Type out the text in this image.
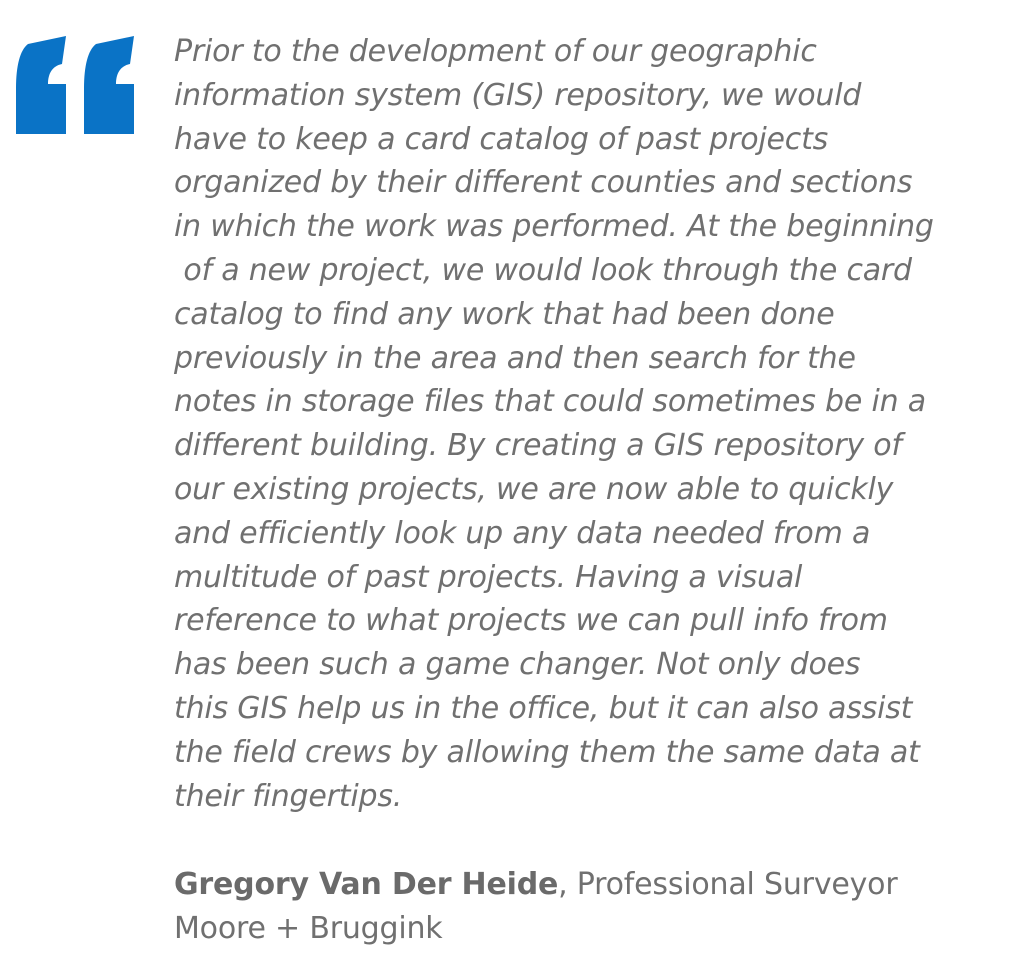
Prior to the development of our geographic
information system (GIS) repository, we would
have to keep a card catalog of past projects
organized by their different counties and sections
in which the work was performed. At the beginning
of a new project, we would look through the card
catalog to find any work that had been done
previously in the area and then search for the
notes in storage files that could sometimes be in a
different building. By creating a GIS repository of
our existing projects, we are now able to quickly
and efficiently look up any data needed from a
multitude of past projects. Having a visual
reference to what projects we can pull info from
has been such a game changer. Not only does
this GIS help us in the office, but it can also assist
the field crews by allowing them the same data at
their fingertips.

Gregory Van Der Heide, Professional Surveyor
Moore + Bruggink
